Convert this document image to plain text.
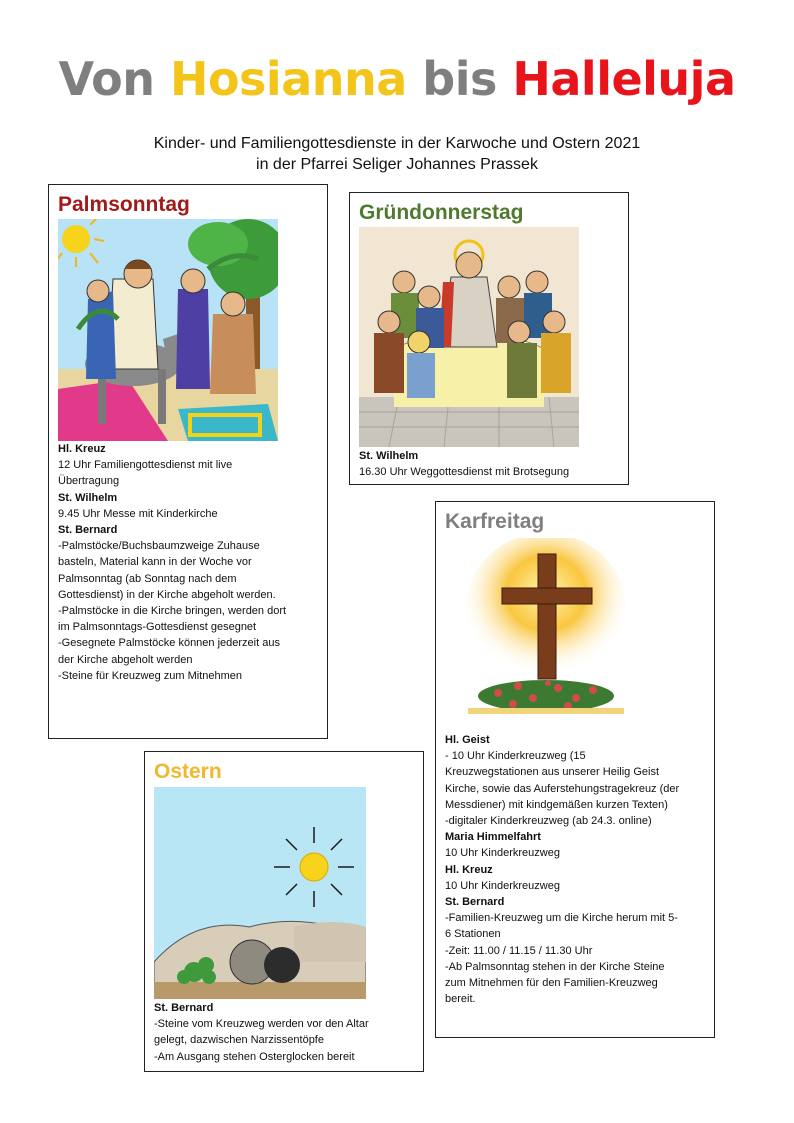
Von Hosianna bis Halleluja
Kinder- und Familiengottesdienste in der Karwoche und Ostern 2021
in der Pfarrei Seliger Johannes Prassek
Palmsonntag
Hl. Kreuz
12 Uhr Familiengottesdienst mit live
Übertragung
St. Wilhelm
9.45 Uhr Messe mit Kinderkirche
St. Bernard
-Palmstöcke/Buchsbaumzweige Zuhause
basteln, Material kann in der Woche vor
Palmsonntag (ab Sonntag nach dem
Gottesdienst) in der Kirche abgeholt werden.
-Palmstöcke in die Kirche bringen, werden dort
im Palmsonntags-Gottesdienst gesegnet
-Gesegnete Palmstöcke können jederzeit aus
der Kirche abgeholt werden
-Steine für Kreuzweg zum Mitnehmen
Gründonnerstag
St. Wilhelm
16.30 Uhr Weggottesdienst mit Brotsegung
Karfreitag
Hl. Geist
- 10 Uhr Kinderkreuzweg (15
Kreuzwegstationen aus unserer Heilig Geist
Kirche, sowie das Auferstehungstragekreuz (der
Messdiener) mit kindgemäßen kurzen Texten)
-digitaler Kinderkreuzweg (ab 24.3. online)
Maria Himmelfahrt
10 Uhr Kinderkreuzweg
Hl. Kreuz
10 Uhr Kinderkreuzweg
St. Bernard
-Familien-Kreuzweg um die Kirche herum mit 5-
6 Stationen
-Zeit: 11.00 / 11.15 / 11.30 Uhr
-Ab Palmsonntag stehen in der Kirche Steine
zum Mitnehmen für den Familien-Kreuzweg
bereit.
Ostern
St. Bernard
-Steine vom Kreuzweg werden vor den Altar
gelegt, dazwischen Narzissentöpfe
-Am Ausgang stehen Osterglocken bereit
